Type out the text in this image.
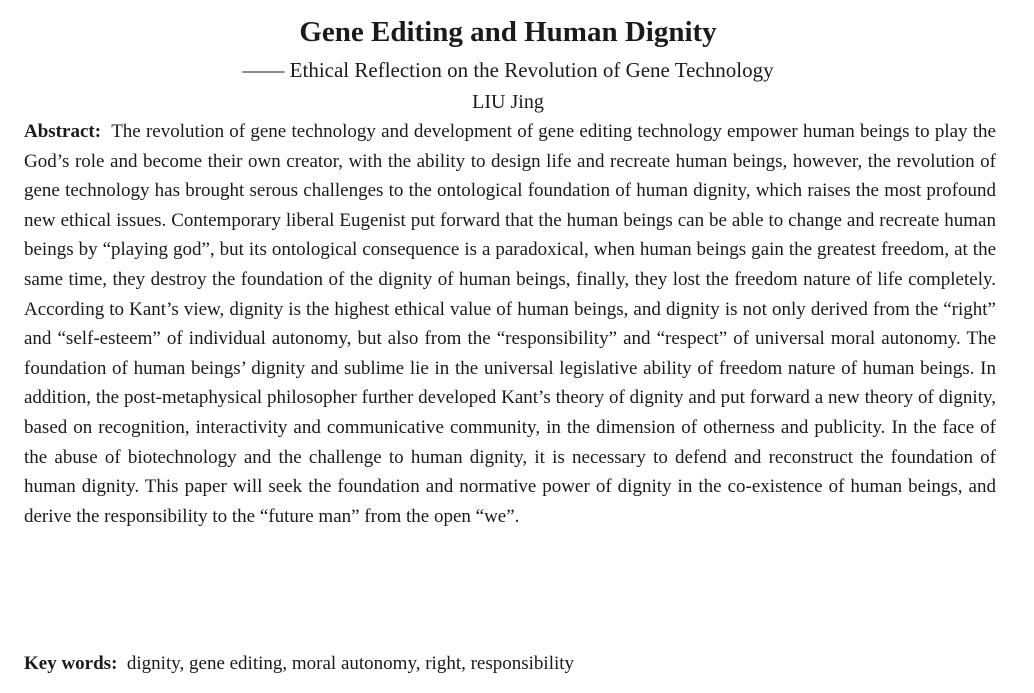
Gene Editing and Human Dignity

—— Ethical Reflection on the Revolution of Gene Technology

LIU Jing

Abstract: The revolution of gene technology and development of gene editing technology empower human beings to play the God’s role and become their own creator, with the ability to design life and recreate human beings, however, the revolution of gene technology has brought serous challenges to the ontological foundation of human dignity, which raises the most profound new ethical issues. Contemporary liberal Eugenist put forward that the human beings can be able to change and recreate human beings by “playing god”, but its ontological consequence is a paradoxical, when human beings gain the greatest freedom, at the same time, they destroy the foundation of the dignity of human beings, finally, they lost the freedom nature of life completely. According to Kant’s view, dignity is the highest ethical value of human beings, and dignity is not only derived from the “right” and “self-esteem” of individual autonomy, but also from the “responsibility” and “respect” of universal moral autonomy. The foundation of human beings’ dignity and sublime lie in the universal legislative ability of freedom nature of human beings. In addition, the post-metaphysical philosopher further developed Kant’s theory of dignity and put forward a new theory of dignity, based on recognition, interactivity and communicative community, in the dimension of otherness and publicity. In the face of the abuse of biotechnology and the challenge to human dignity, it is necessary to defend and reconstruct the foundation of human dignity. This paper will seek the foundation and normative power of dignity in the co-existence of human beings, and derive the responsibility to the “future man” from the open “we”.

Key words: dignity, gene editing, moral autonomy, right, responsibility
